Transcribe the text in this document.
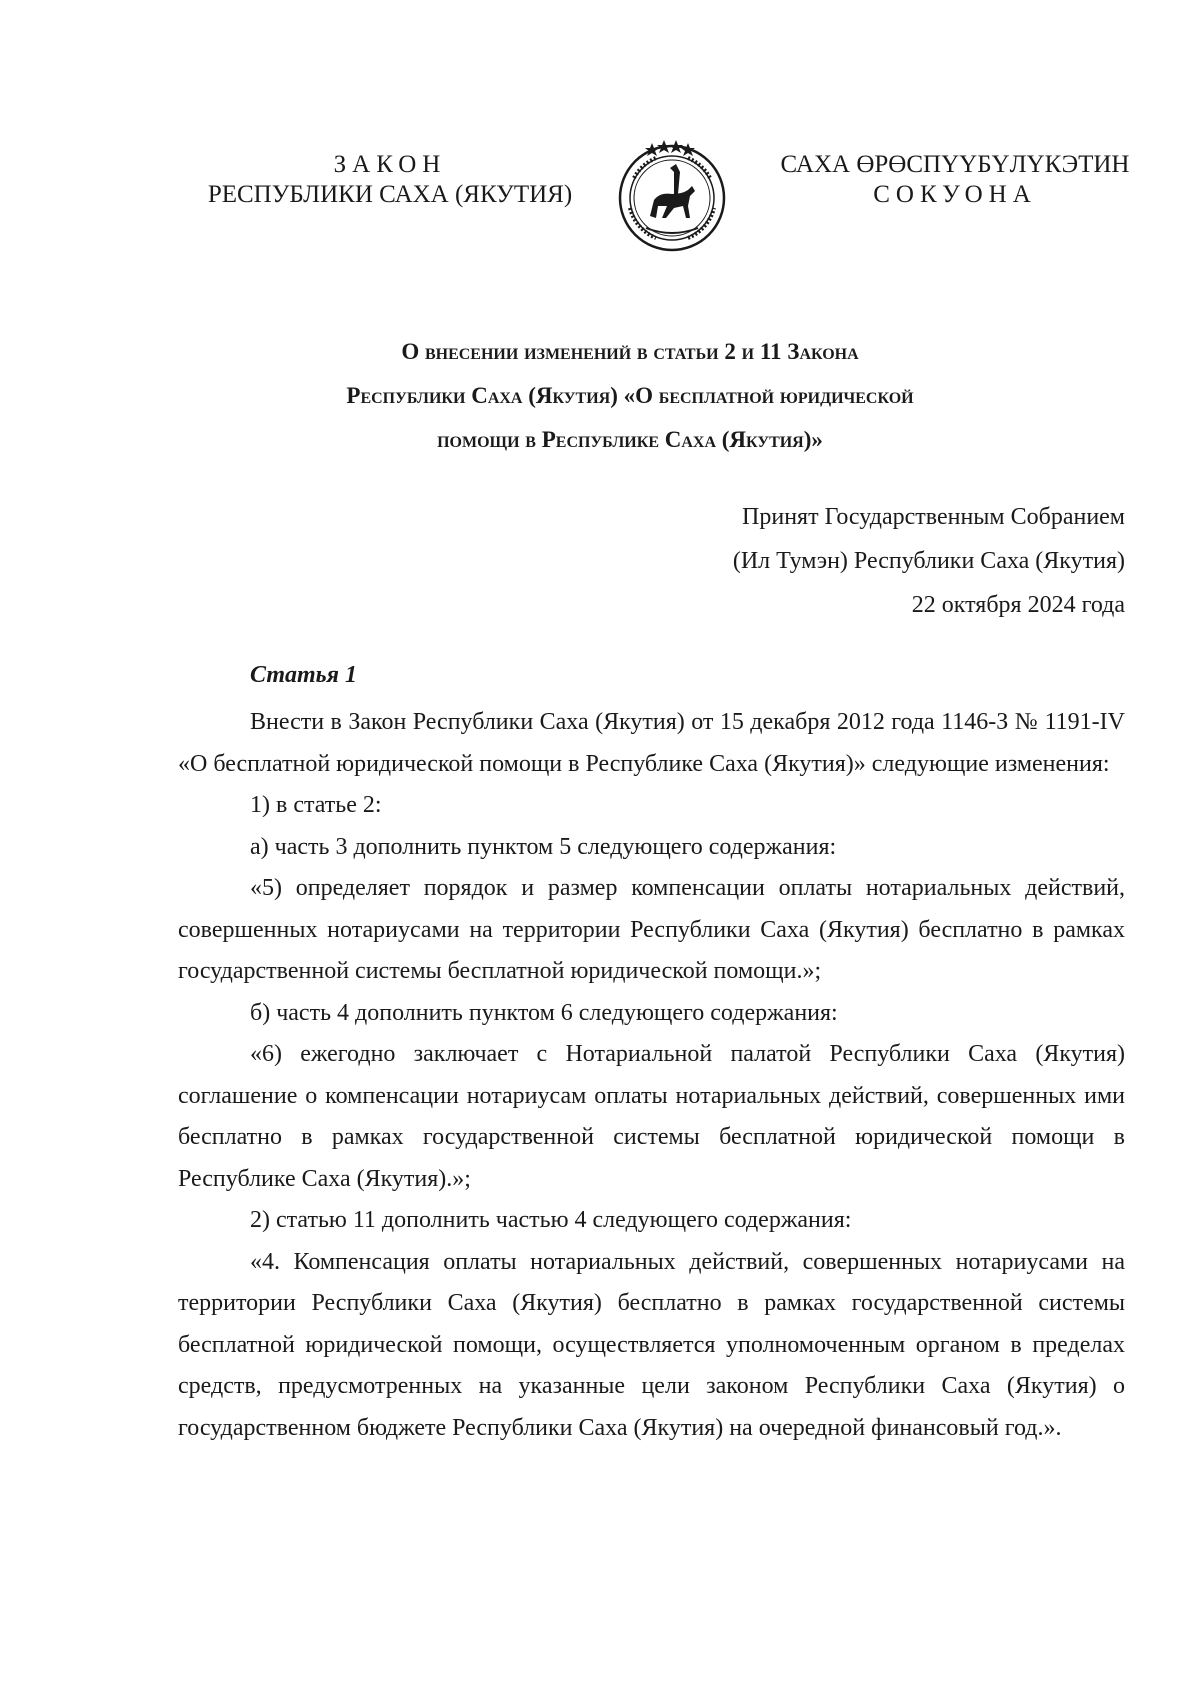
ЗАКОН
РЕСПУБЛИКИ САХА (ЯКУТИЯ)
САХА ӨРӨСПҮҮБҮЛҮКЭТИН
СОКУОНА
О внесении изменений в статьи 2 и 11 Закона
Республики Саха (Якутия) «О бесплатной юридической
помощи в Республике Саха (Якутия)»
Принят Государственным Собранием
(Ил Тумэн) Республики Саха (Якутия)
22 октября 2024 года
Статья 1

Внести в Закон Республики Саха (Якутия) от 15 декабря 2012 года 1146-З № 1191-IV «О бесплатной юридической помощи в Республике Саха (Якутия)» следующие изменения:

1) в статье 2:

а) часть 3 дополнить пунктом 5 следующего содержания:

«5) определяет порядок и размер компенсации оплаты нотариальных действий, совершенных нотариусами на территории Республики Саха (Якутия) бесплатно в рамках государственной системы бесплатной юридической помощи.»;

б) часть 4 дополнить пунктом 6 следующего содержания:

«6) ежегодно заключает с Нотариальной палатой Республики Саха (Якутия) соглашение о компенсации нотариусам оплаты нотариальных действий, совершенных ими бесплатно в рамках государственной системы бесплатной юридической помощи в Республике Саха (Якутия).»;

2) статью 11 дополнить частью 4 следующего содержания:

«4. Компенсация оплаты нотариальных действий, совершенных нотариусами на территории Республики Саха (Якутия) бесплатно в рамках государственной системы бесплатной юридической помощи, осуществляется уполномоченным органом в пределах средств, предусмотренных на указанные цели законом Республики Саха (Якутия) о государственном бюджете Республики Саха (Якутия) на очередной финансовый год.».
